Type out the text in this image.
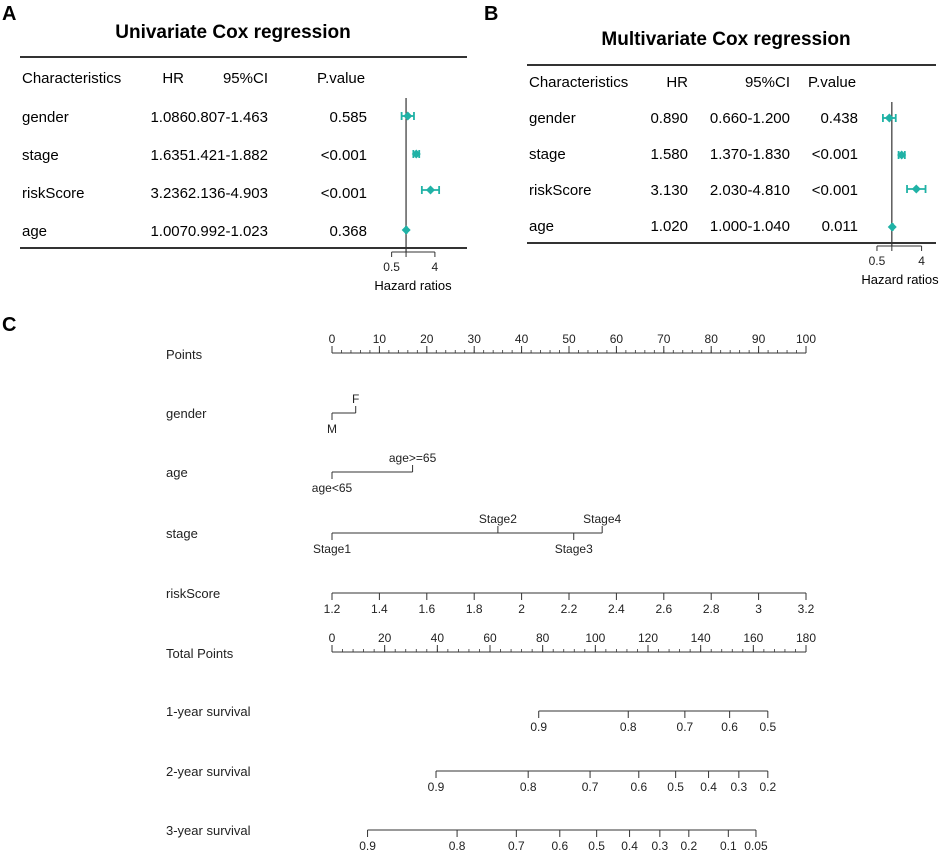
A	B
C
Univariate Cox regression
Characteristics	HR	95%CI	P.value
gender	1.086 0.807-1.463	0.585
stage	1.635 1.421-1.882	<0.001
riskScore	3.236 2.136-4.903	<0.001
age	1.007 0.992-1.023	0.368
0.5	4
Hazard ratios
Multivariate Cox regression
Characteristics	HR	95%CI P.value
gender	0.890 0.660-1.200 0.438
stage	1.580 1.370-1.830 <0.001
riskScore	3.130 2.030-4.810 <0.001
age	1.020 1.000-1.040 0.011
0.5	4
Hazard ratios
Points
0	10	20	30	40	50	60	70	80	90	100
gender
M
F
age
age<65
age>=65
stage
Stage1
Stage2
Stage3
Stage4
riskScore
1.2	1.4	1.6	1.8	2	2.2	2.4	2.6	2.8	3	3.2
Total Points
0	20	40	60	80	100	120	140	160	180
1-year survival
0.9	0.8	0.7 0.6 0.5
2-year survival
0.9	0.8	0.7	0.6 0.5 0.4 0.3 0.2
3-year survival
0.9	0.8	0.7 0.6 0.5 0.4 0.3 0.2 0.1 0.05
